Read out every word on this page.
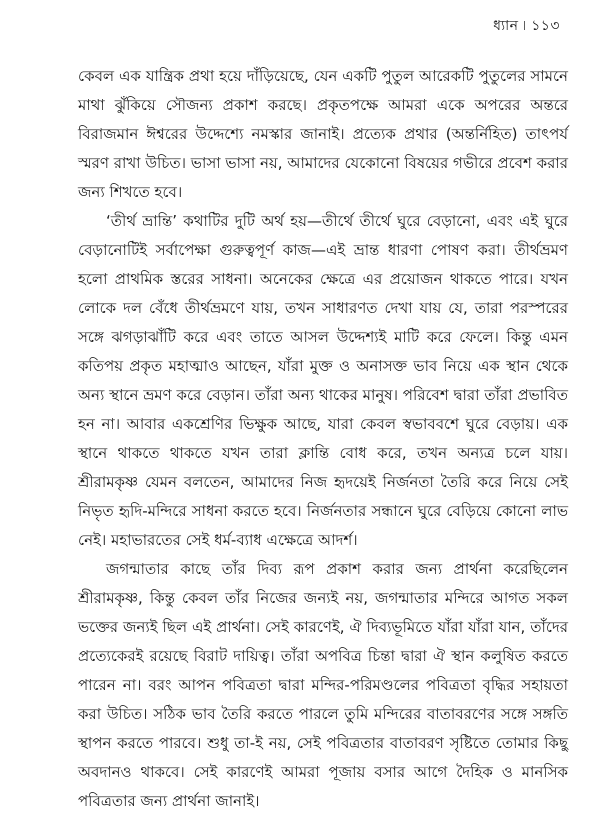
ধ্যান ৷ ১১৩

কেবল এক যান্ত্রিক প্রথা হয়ে দাঁড়িয়েছে, যেন একটি পুতুল আরেকটি পুতুলের সামনে মাথা ঝুঁকিয়ে সৌজন্য প্রকাশ করছে। প্রকৃতপক্ষে আমরা একে অপরের অন্তরে বিরাজমান ঈশ্বরের উদ্দেশ্যে নমস্কার জানাই। প্রত্যেক প্রথার (অন্তর্নিহিত) তাৎপর্য স্মরণ রাখা উচিত। ভাসা ভাসা নয়, আমাদের যেকোনো বিষয়ের গভীরে প্রবেশ করার জন্য শিখতে হবে।

‘তীর্থ ভ্রান্তি’ কথাটির দুটি অর্থ হয়—তীর্থে তীর্থে ঘুরে বেড়ানো, এবং এই ঘুরে বেড়ানোটিই সর্বাপেক্ষা গুরুত্বপূর্ণ কাজ—এই ভ্রান্ত ধারণা পোষণ করা। তীর্থভ্রমণ হলো প্রাথমিক স্তরের সাধনা। অনেকের ক্ষেত্রে এর প্রয়োজন থাকতে পারে। যখন লোকে দল বেঁধে তীর্থভ্রমণে যায়, তখন সাধারণত দেখা যায় যে, তারা পরস্পরের সঙ্গে ঝগড়াঝাঁটি করে এবং তাতে আসল উদ্দেশ্যই মাটি করে ফেলে। কিন্তু এমন কতিপয় প্রকৃত মহাত্মাও আছেন, যাঁরা মুক্ত ও অনাসক্ত ভাব নিয়ে এক স্থান থেকে অন্য স্থানে ভ্রমণ করে বেড়ান। তাঁরা অন্য থাকের মানুষ। পরিবেশ দ্বারা তাঁরা প্রভাবিত হন না। আবার একশ্রেণির ভিক্ষুক আছে, যারা কেবল স্বভাববশে ঘুরে বেড়ায়। এক স্থানে থাকতে থাকতে যখন তারা ক্লান্তি বোধ করে, তখন অন্যত্র চলে যায়। শ্রীরামকৃষ্ণ যেমন বলতেন, আমাদের নিজ হৃদয়েই নির্জনতা তৈরি করে নিয়ে সেই নিভৃত হৃদি-মন্দিরে সাধনা করতে হবে। নির্জনতার সন্ধানে ঘুরে বেড়িয়ে কোনো লাভ নেই। মহাভারতের সেই ধর্ম-ব্যাধ এক্ষেত্রে আদর্শ।

জগন্মাতার কাছে তাঁর দিব্য রূপ প্রকাশ করার জন্য প্রার্থনা করেছিলেন শ্রীরামকৃষ্ণ, কিন্তু কেবল তাঁর নিজের জন্যই নয়, জগন্মাতার মন্দিরে আগত সকল ভক্তের জন্যই ছিল এই প্রার্থনা। সেই কারণেই, ঐ দিব্যভূমিতে যাঁরা যাঁরা যান, তাঁদের প্রত্যেকেরই রয়েছে বিরাট দায়িত্ব। তাঁরা অপবিত্র চিন্তা দ্বারা ঐ স্থান কলুষিত করতে পারেন না। বরং আপন পবিত্রতা দ্বারা মন্দির-পরিমণ্ডলের পবিত্রতা বৃদ্ধির সহায়তা করা উচিত। সঠিক ভাব তৈরি করতে পারলে তুমি মন্দিরের বাতাবরণের সঙ্গে সঙ্গতি স্থাপন করতে পারবে। শুধু তা-ই নয়, সেই পবিত্রতার বাতাবরণ সৃষ্টিতে তোমার কিছু অবদানও থাকবে। সেই কারণেই আমরা পূজায় বসার আগে দৈহিক ও মানসিক পবিত্রতার জন্য প্রার্থনা জানাই।
